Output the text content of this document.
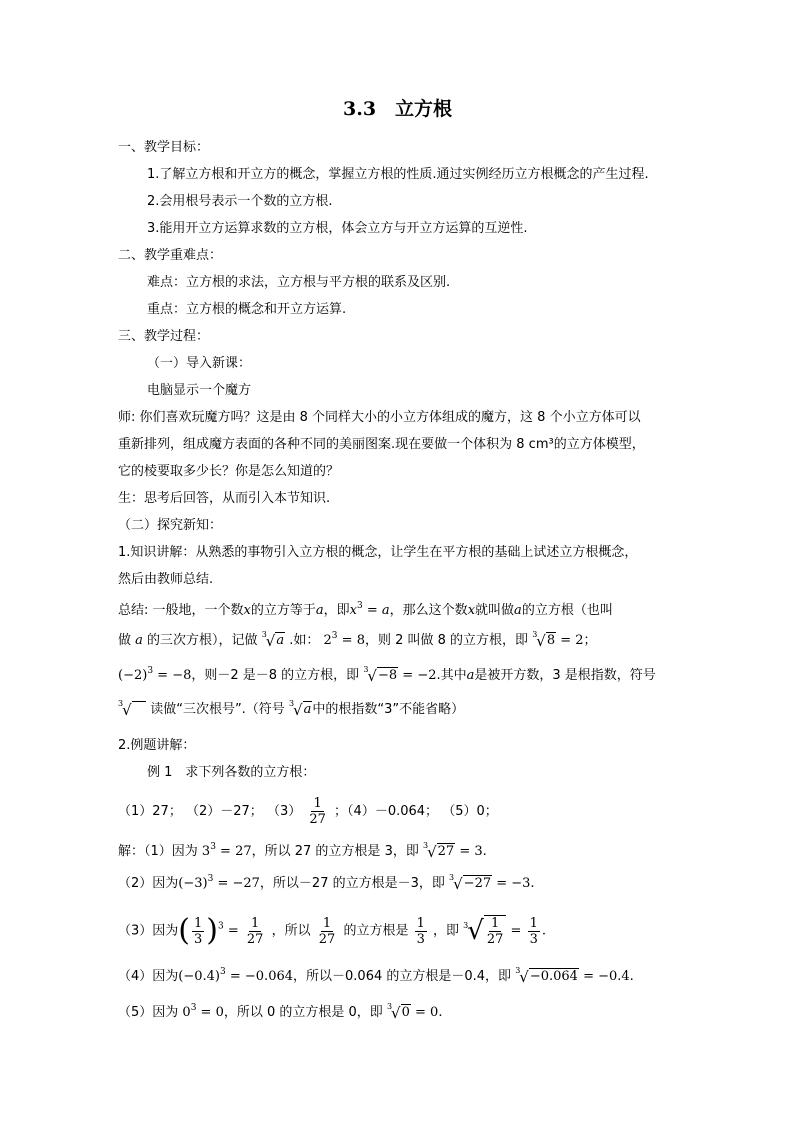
3.3　立方根
一、教学目标：
1.了解立方根和开立方的概念，掌握立方根的性质.通过实例经历立方根概念的产生过程.
2.会用根号表示一个数的立方根.
3.能用开立方运算求数的立方根，体会立方与开立方运算的互逆性.
二、教学重难点：
难点：立方根的求法，立方根与平方根的联系及区别.
重点：立方根的概念和开立方运算.
三、教学过程：
（一）导入新课：
电脑显示一个魔方
师: 你们喜欢玩魔方吗？这是由 8 个同样大小的小立方体组成的魔方，这 8 个小立方体可以
重新排列，组成魔方表面的各种不同的美丽图案.现在要做一个体积为 8 cm³的立方体模型，
它的棱要取多少长？你是怎么知道的？
生：思考后回答，从而引入本节知识.
（二）探究新知：
1.知识讲解：从熟悉的事物引入立方根的概念，让学生在平方根的基础上试述立方根概念，
然后由教师总结.
总结: 一般地，一个数x的立方等于a，即$x^3 = a$，那么这个数x就叫做a的立方根（也叫
做 a 的三次方根），记做 $^3$√a .如： $2^3 = 8$，则 2 叫做 8 的立方根，即 $^3$√8 = 2；
$(-2)^3 = -8$，则－2 是－8 的立方根，即 $^3$√−8 = −2.其中a是被开方数，3 是根指数，符号
$^3$√ 读做“三次根号”.（符号 $^3$√a中的根指数“3”不能省略）
2.例题讲解：
例 1　求下列各数的立方根：
（1）27； （2）－27； $(3) \frac{1}{27}$ ；（4）－0.064； （5）0；
解：（1）因为 $3^3 = 27$，所以 27 的立方根是 3，即 $^3$√27 = 3.
（2）因为$(-3)^3 = -27$，所以－27 的立方根是－3，即 $^3$√−27 = −3.
（3）因为( $\frac{1}{3} )^3 = \frac{1}{27}$ ，所以 $\frac{1}{27}$ 的立方根是 $\frac{1}{3}$ ，即 $^3√ \frac{1}{27} = \frac{1}{3}$ .
（4）因为$(-0.4)^3 = -0.064$，所以－0.064 的立方根是－0.4，即 $^3$√−0.064 = −0.4.
（5）因为 $0^3 = 0$，所以 0 的立方根是 0，即 $^3$√0 = 0.
